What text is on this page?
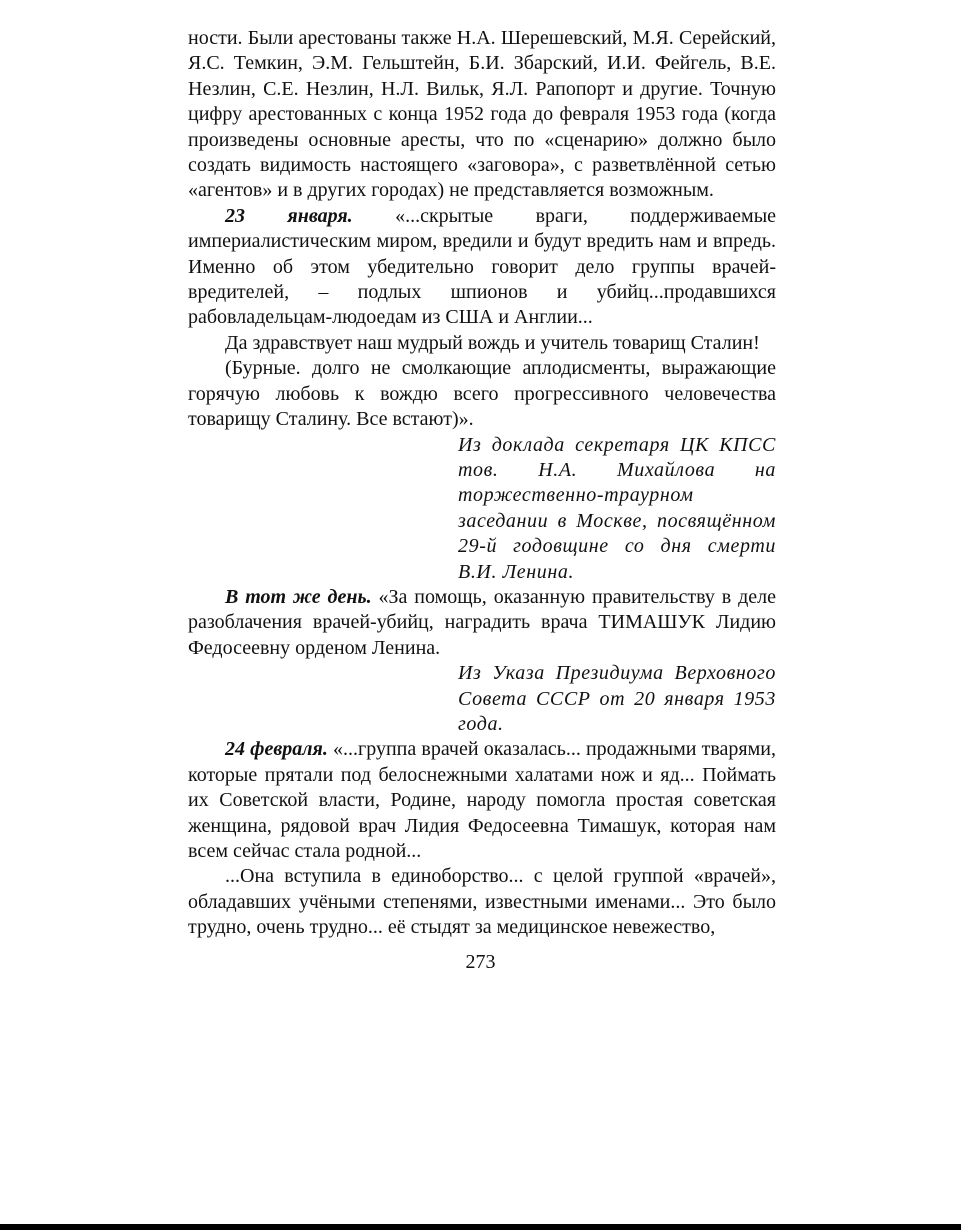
ности. Были арестованы также Н.А. Шерешевский, М.Я. Серейский, Я.С. Темкин, Э.М. Гельштейн, Б.И. Збарский, И.И. Фейгель, В.Е. Незлин, С.Е. Незлин, Н.Л. Вильк, Я.Л. Рапопорт и другие. Точную цифру арестованных с конца 1952 года до февраля 1953 года (когда произведены основные аресты, что по «сценарию» должно было создать видимость настоящего «заговора», с разветвлённой сетью «агентов» и в других городах) не представляется возможным.

23 января. «...скрытые враги, поддерживаемые империалистическим миром, вредили и будут вредить нам и впредь. Именно об этом убедительно говорит дело группы врачей-вредителей, – подлых шпионов и убийц...продавшихся рабовладельцам-людоедам из США и Англии...

Да здравствует наш мудрый вождь и учитель товарищ Сталин!

(Бурные. долго не смолкающие аплодисменты, выражающие горячую любовь к вождю всего прогрессивного человечества товарищу Сталину. Все встают)».

Из доклада секретаря ЦК КПСС тов. Н.А. Михайлова на торжественно-траурном заседании в Москве, посвящённом 29-й годовщине со дня смерти В.И. Ленина.

В тот же день. «За помощь, оказанную правительству в деле разоблачения врачей-убийц, наградить врача ТИМАШУК Лидию Федосеевну орденом Ленина.

Из Указа Президиума Верховного Совета СССР от 20 января 1953 года.

24 февраля. «...группа врачей оказалась... продажными тварями, которые прятали под белоснежными халатами нож и яд... Поймать их Советской власти, Родине, народу помогла простая советская женщина, рядовой врач Лидия Федосеевна Тимашук, которая нам всем сейчас стала родной...

...Она вступила в единоборство... с целой группой «врачей», обладавших учёными степенями, известными именами... Это было трудно, очень трудно... её стыдят за медицинское невежество,

273
